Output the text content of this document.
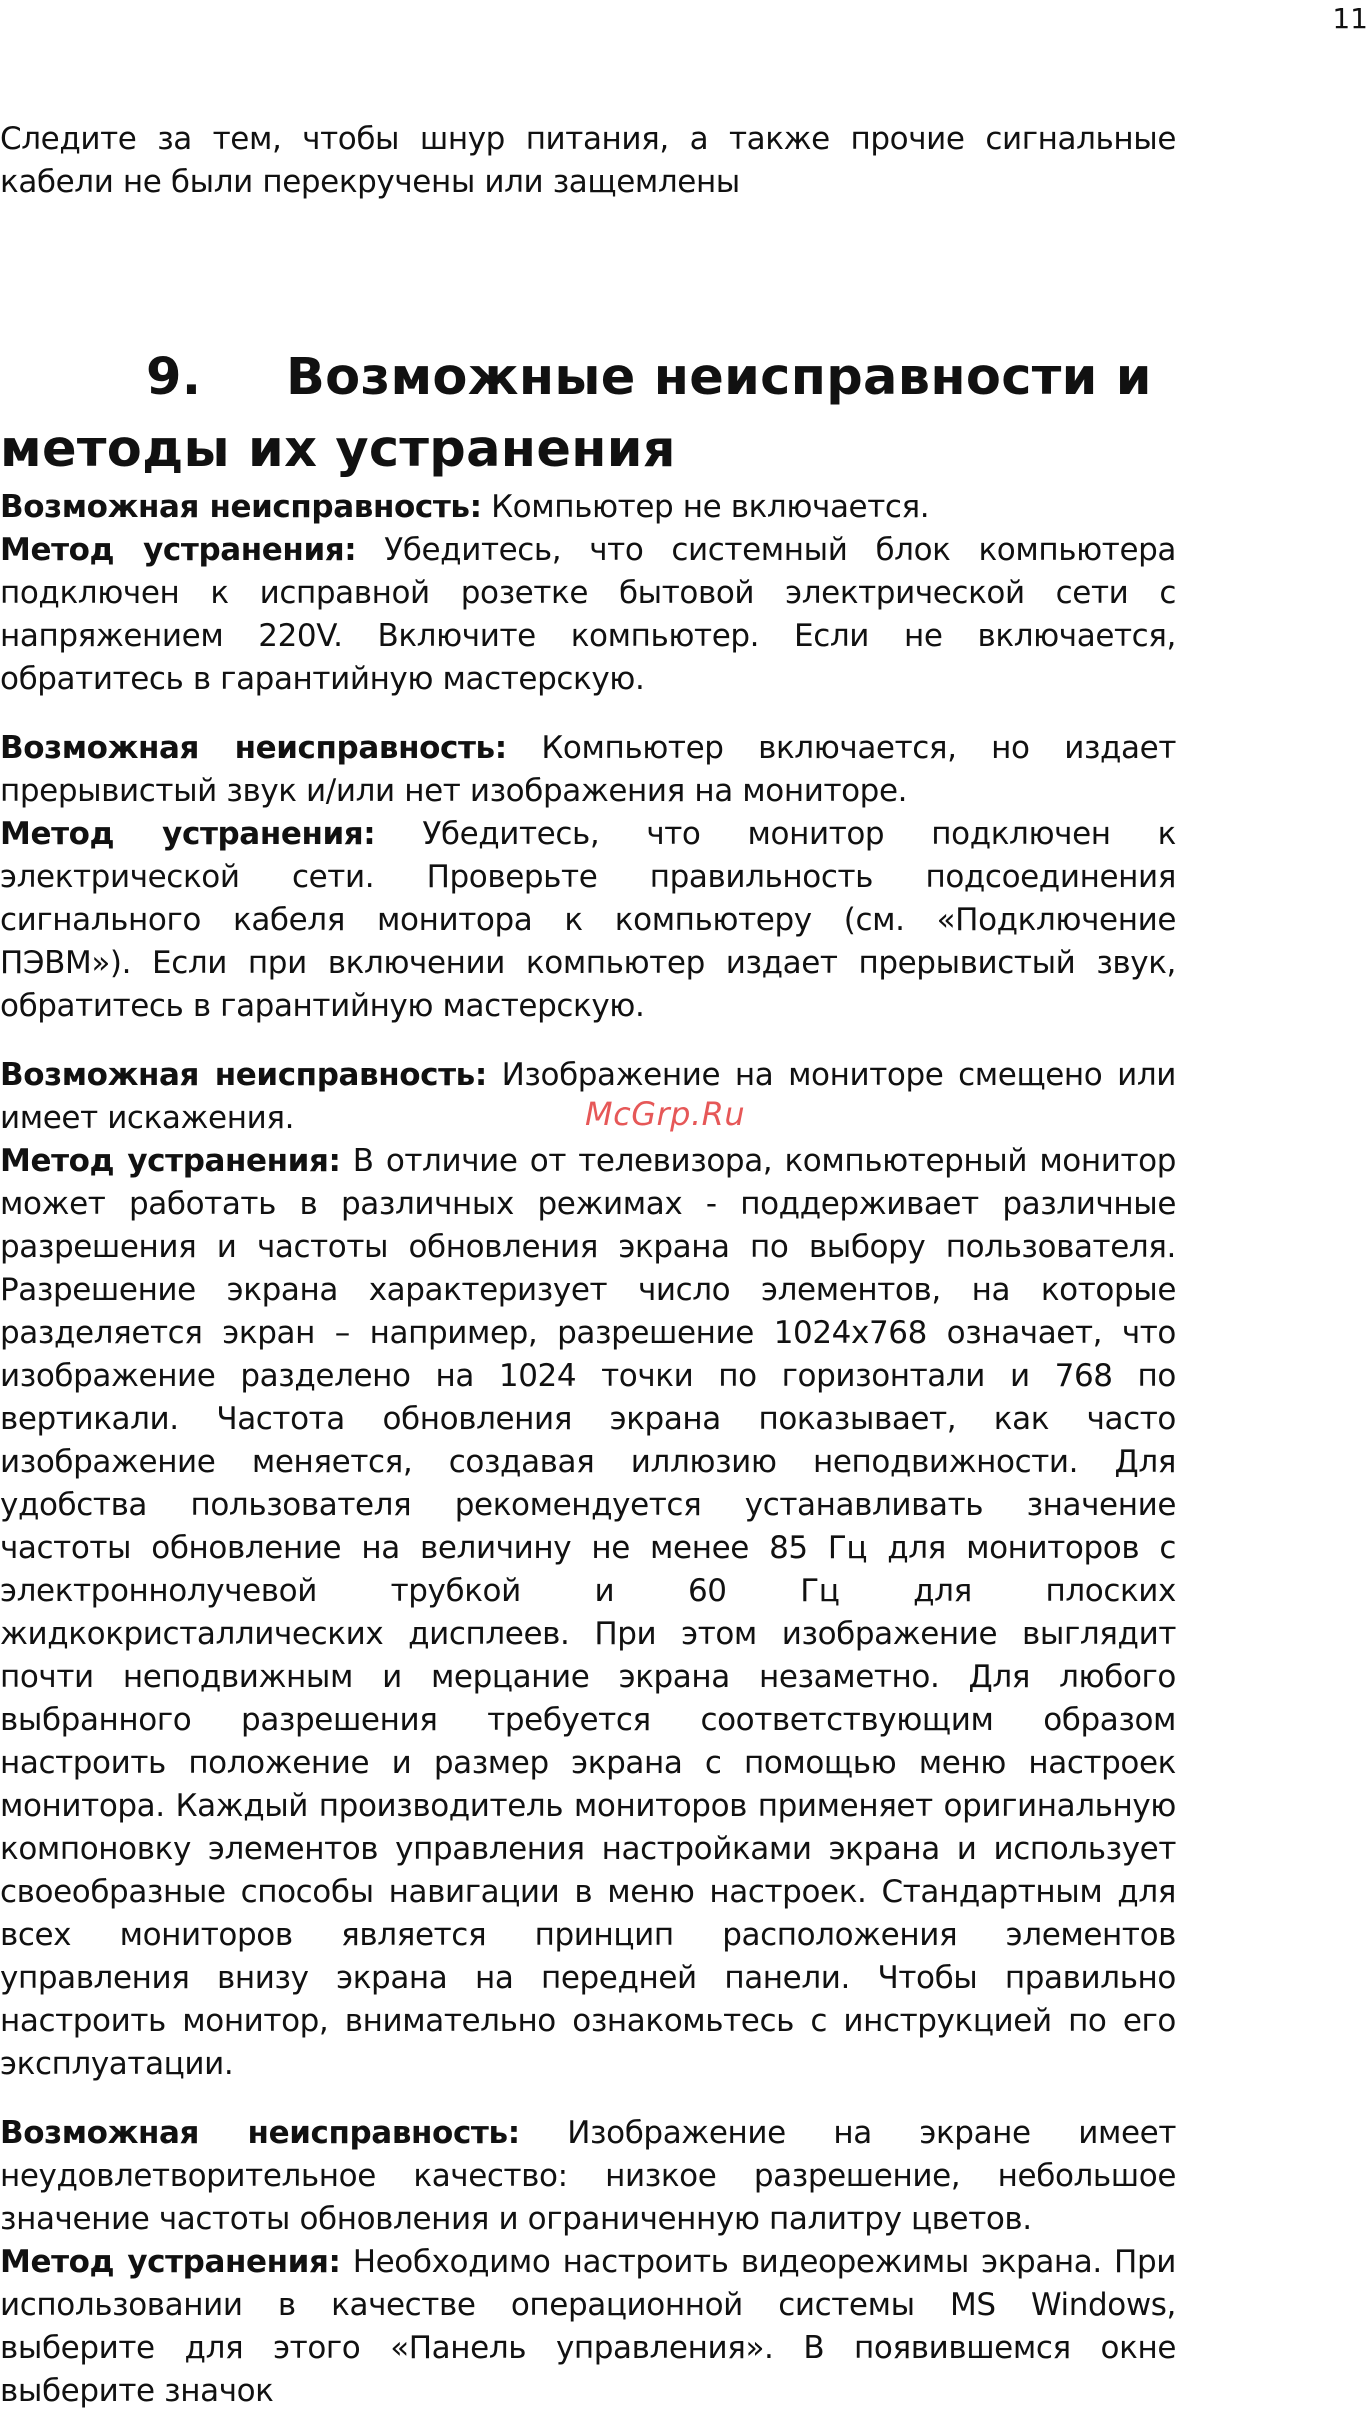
11

Следите за тем, чтобы шнур питания, а также прочие сигнальные кабели не были перекручены или защемлены

9. Возможные неисправности и методы их устранения

Возможная неисправность: Компьютер не включается.

Метод устранения: Убедитесь, что системный блок компьютера подключен к исправной розетке бытовой электрической сети с напряжением 220V. Включите компьютер. Если не включается, обратитесь в гарантийную мастерскую.

Возможная неисправность: Компьютер включается, но издает прерывистый звук и/или нет изображения на мониторе.

Метод устранения: Убедитесь, что монитор подключен к электрической сети. Проверьте правильность подсоединения сигнального кабеля монитора к компьютеру (см. «Подключение ПЭВМ»). Если при включении компьютер издает прерывистый звук, обратитесь в гарантийную мастерскую.

Возможная неисправность: Изображение на мониторе смещено или имеет искажения.

Метод устранения: В отличие от телевизора, компьютерный монитор может работать в различных режимах - поддерживает различные разрешения и частоты обновления экрана по выбору пользователя. Разрешение экрана характеризует число элементов, на которые разделяется экран – например, разрешение 1024x768 означает, что изображение разделено на 1024 точки по горизонтали и 768 по вертикали. Частота обновления экрана показывает, как часто изображение меняется, создавая иллюзию неподвижности. Для удобства пользователя рекомендуется устанавливать значение частоты обновление на величину не менее 85 Гц для мониторов с электроннолучевой трубкой и 60 Гц для плоских жидкокристаллических дисплеев. При этом изображение выглядит почти неподвижным и мерцание экрана незаметно. Для любого выбранного разрешения требуется соответствующим образом настроить положение и размер экрана с помощью меню настроек монитора. Каждый производитель мониторов применяет оригинальную компоновку элементов управления настройками экрана и использует своеобразные способы навигации в меню настроек. Стандартным для всех мониторов является принцип расположения элементов управления внизу экрана на передней панели. Чтобы правильно настроить монитор, внимательно ознакомьтесь с инструкцией по его эксплуатации.

Возможная неисправность: Изображение на экране имеет неудовлетворительное качество: низкое разрешение, небольшое значение частоты обновления и ограниченную палитру цветов.

Метод устранения: Необходимо настроить видеорежимы экрана. При использовании в качестве операционной системы MS Windows, выберите для этого «Панель управления». В появившемся окне выберите значок

McGrp.Ru
